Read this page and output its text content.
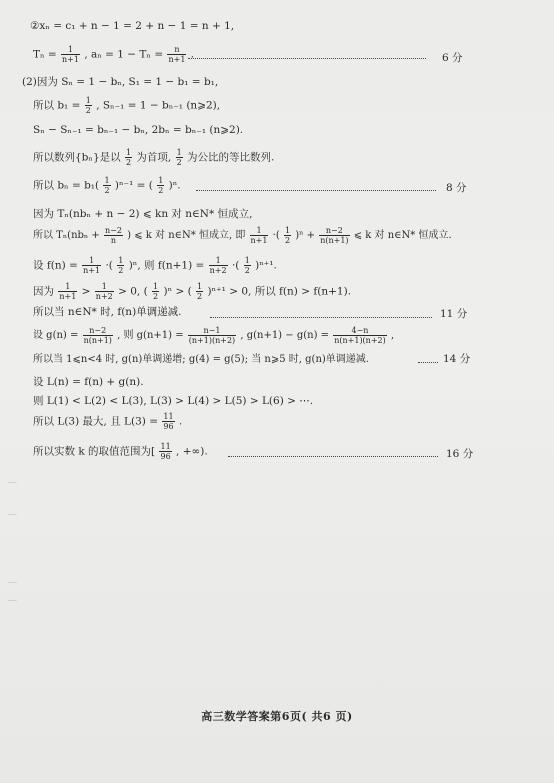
②xₙ = c₁ + n − 1 = 2 + n − 1 = n + 1,
$T_n = \frac{1}{n+1}$ , $a_n = 1 - T_n = \frac{n}{n+1}$ .	6 分
(2)因为 Sₙ = 1 − bₙ, S₁ = 1 − b₁ = b₁,
所以 $b_1 = \frac{1}{2}$ , Sₙ₋₁ = 1 − bₙ₋₁ (n⩾2),
Sₙ − Sₙ₋₁ = bₙ₋₁ − bₙ, 2bₙ = bₙ₋₁ (n⩾2).
所以数列{bₙ}是以 $\frac{1}{2}$ 为首项, $\frac{1}{2}$ 为公比的等比数列.
所以 $b_n = b_1( \frac{1}{2} )^{n-1}$ = ( $\frac{1}{2} )^n$.	8 分
因为 Tₙ(nbₙ + n − 2) ⩽ kn 对 n∈N* 恒成立,
所以 $T_n(nb_n + \frac{n-2}{n}$ ) ⩽ k 对 n∈N* 恒成立, 即 $\frac{1}{n+1}$ ·( $\frac{1}{2} )^n + \frac{n-2}{n(n+1)}$ ⩽ k 对 n∈N* 恒成立.
设 $f(n) = \frac{1}{n+1}$ ·( $\frac{1}{2} )^n$, 则 $f(n+1) = \frac{1}{n+2}$ ·( $\frac{1}{2} )^{n+1}$.
因为 $\frac{1}{n+1} > \frac{1}{n+2} > 0$, ( $\frac{1}{2} )^n$ > ( $\frac{1}{2} )^{n+1} > 0$, 所以 f(n) > f(n+1).
所以当 n∈N* 时, f(n)单调递减.	11 分
设 $g(n) = \frac{n-2}{n(n+1)}$ , 则 $g(n+1) = \frac{n-1}{(n+1)(n+2)}$ , $g(n+1) - g(n) = \frac{4-n}{n(n+1)(n+2)}$ ,
所以当 1⩽n<4 时, g(n)单调递增; g(4) = g(5); 当 n⩾5 时, g(n)单调递减.	14 分
设 L(n) = f(n) + g(n).
则 L(1) < L(2) < L(3), L(3) > L(4) > L(5) > L(6) > ⋯.
所以 L(3) 最大, 且 $L(3) = \frac{11}{96}$ .
所以实数 k 的取值范围为[ $\frac{11}{96}$ , +∞).	16 分
—
—
—
—
高三数学答案第6页( 共6 页)
